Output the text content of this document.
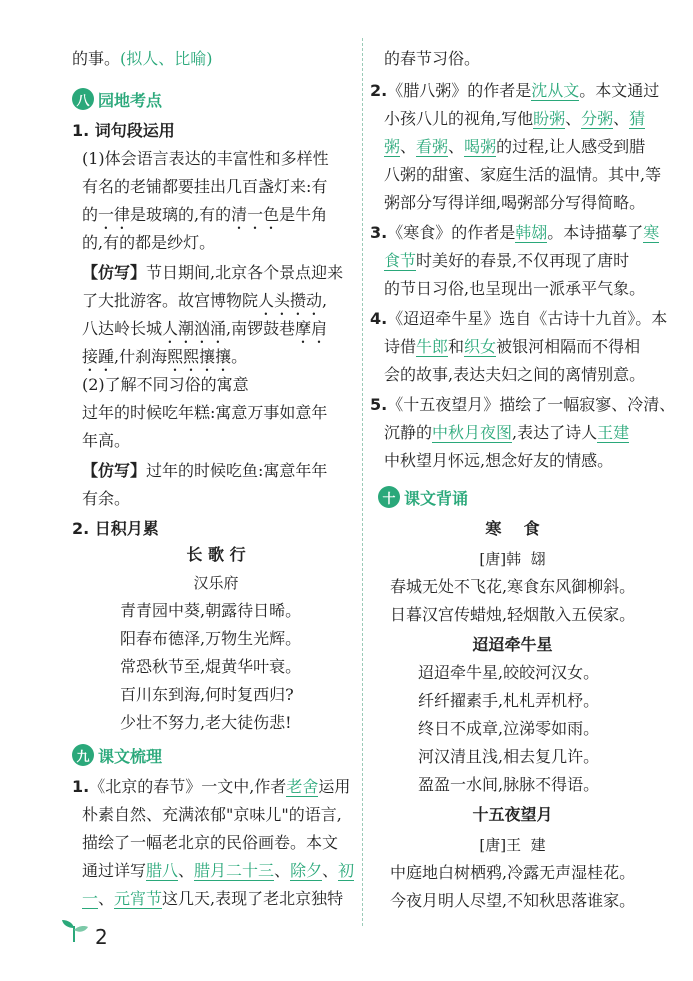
的事。(拟人、比喻)
八 园地考点
1. 词句段运用
(1)体会语言表达的丰富性和多样性
有名的老铺都要挂出几百盏灯来:有
的一律是玻璃的,有的清一色是牛角
的,有的都是纱灯。
【仿写】节日期间,北京各个景点迎来
了大批游客。故宫博物院人头攒动,
八达岭长城人潮汹涌,南锣鼓巷摩肩
接踵,什刹海熙熙攘攘。
(2)了解不同习俗的寓意
过年的时候吃年糕:寓意万事如意年
年高。
【仿写】过年的时候吃鱼:寓意年年
有余。
2. 日积月累
长 歌 行
汉乐府
青青园中葵,朝露待日晞。
阳春布德泽,万物生光辉。
常恐秋节至,焜黄华叶衰。
百川东到海,何时复西归?
少壮不努力,老大徒伤悲!
九 课文梳理
1.《北京的春节》一文中,作者老舍运用
朴素自然、充满浓郁"京味儿"的语言,
描绘了一幅老北京的民俗画卷。本文
通过详写腊八、腊月二十三、除夕、初
一、元宵节这几天,表现了老北京独特
的春节习俗。
2.《腊八粥》的作者是沈从文。本文通过
小孩八儿的视角,写他盼粥、分粥、猜
粥、看粥、喝粥的过程,让人感受到腊
八粥的甜蜜、家庭生活的温情。其中,等
粥部分写得详细,喝粥部分写得简略。
3.《寒食》的作者是韩翃。本诗描摹了寒
食节时美好的春景,不仅再现了唐时
的节日习俗,也呈现出一派承平气象。
4.《迢迢牵牛星》选自《古诗十九首》。本
诗借牛郎和织女被银河相隔而不得相
会的故事,表达夫妇之间的离情别意。
5.《十五夜望月》描绘了一幅寂寥、冷清、
沉静的中秋月夜图,表达了诗人王建
中秋望月怀远,想念好友的情感。
十 课文背诵
寒    食
[唐]韩  翃
春城无处不飞花,寒食东风御柳斜。
日暮汉宫传蜡烛,轻烟散入五侯家。
迢迢牵牛星
迢迢牵牛星,皎皎河汉女。
纤纤擢素手,札札弄机杼。
终日不成章,泣涕零如雨。
河汉清且浅,相去复几许。
盈盈一水间,脉脉不得语。
十五夜望月
[唐]王  建
中庭地白树栖鸦,冷露无声湿桂花。
今夜月明人尽望,不知秋思落谁家。
2
